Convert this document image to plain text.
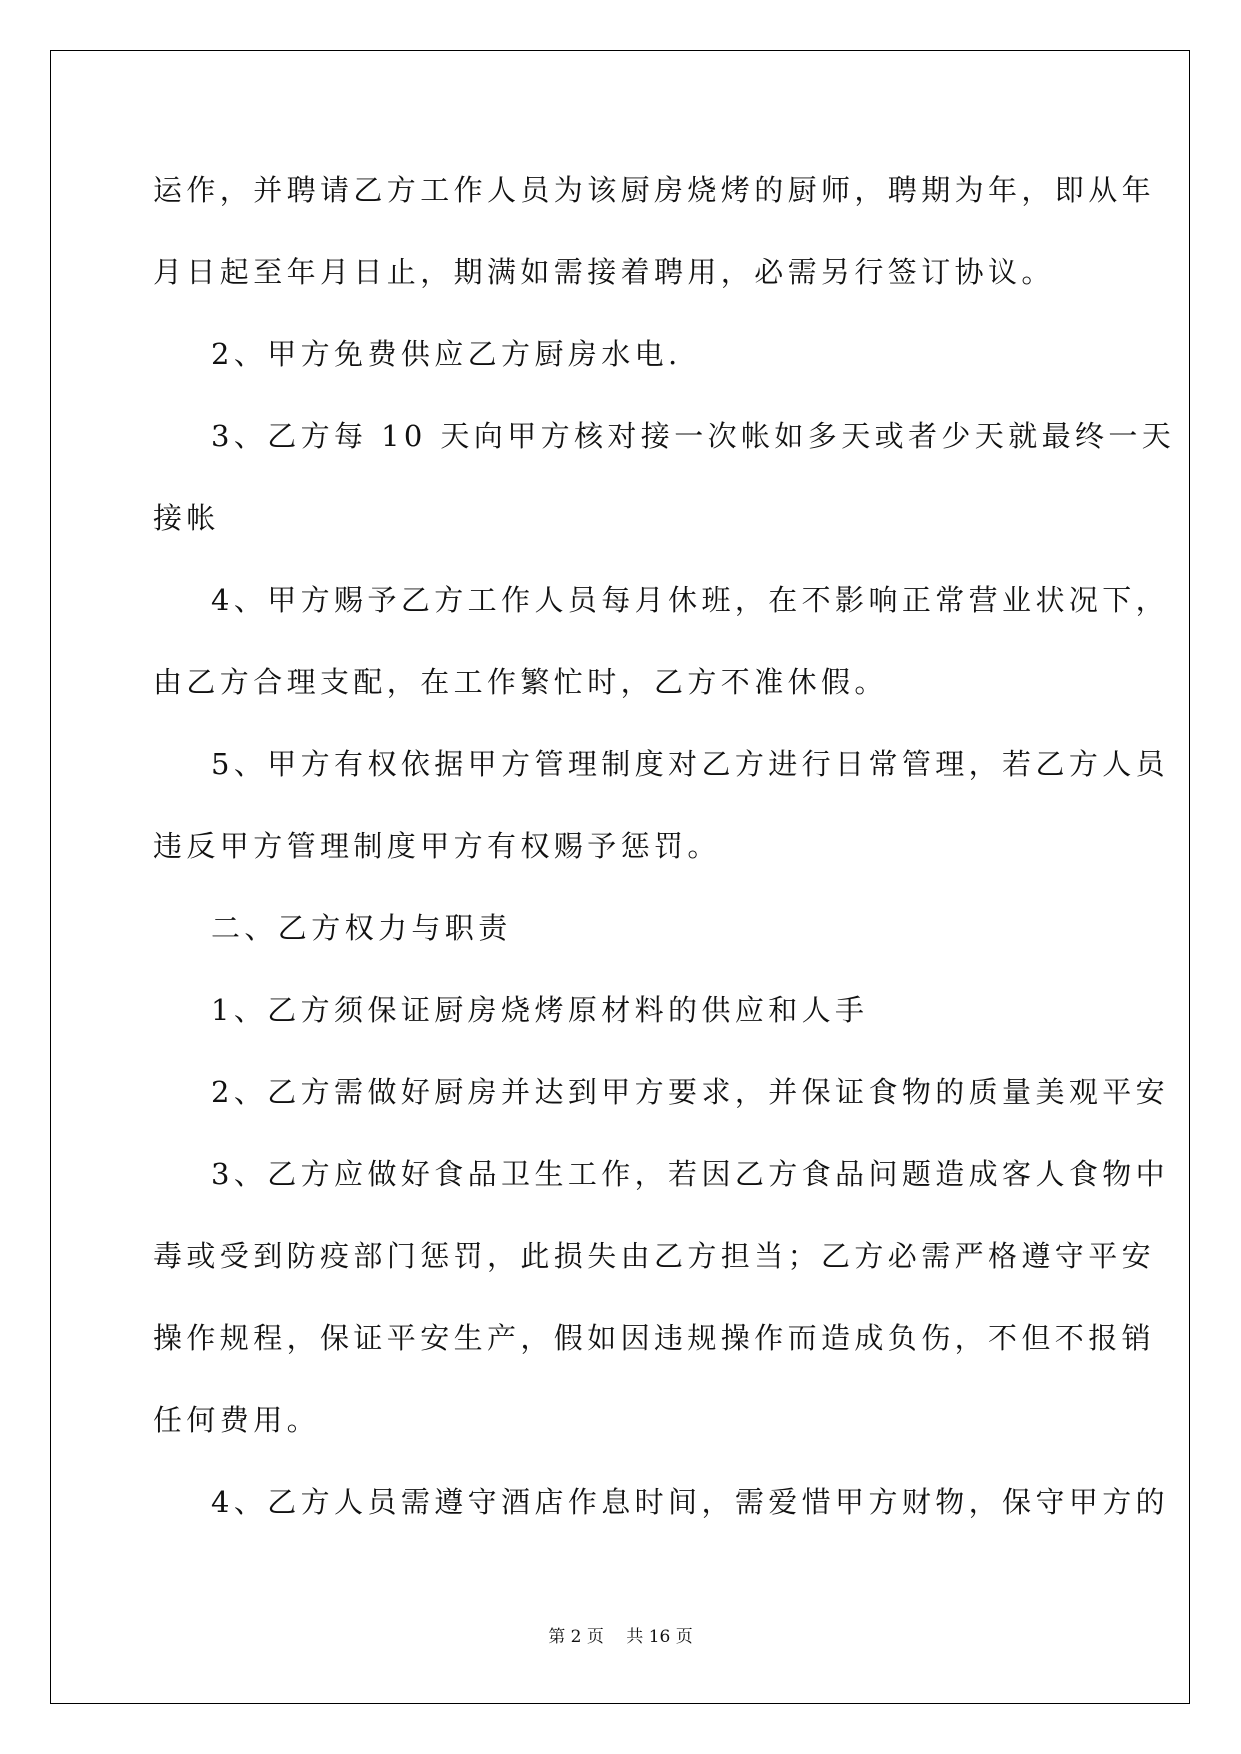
运作，并聘请乙方工作人员为该厨房烧烤的厨师，聘期为年，即从年
月日起至年月日止，期满如需接着聘用，必需另行签订协议。
2、甲方免费供应乙方厨房水电.
3、乙方每 10 天向甲方核对接一次帐如多天或者少天就最终一天
接帐
4、甲方赐予乙方工作人员每月休班，在不影响正常营业状况下，
由乙方合理支配，在工作繁忙时，乙方不准休假。
5、甲方有权依据甲方管理制度对乙方进行日常管理，若乙方人员
违反甲方管理制度甲方有权赐予惩罚。
二、乙方权力与职责
1、乙方须保证厨房烧烤原材料的供应和人手
2、乙方需做好厨房并达到甲方要求，并保证食物的质量美观平安
3、乙方应做好食品卫生工作，若因乙方食品问题造成客人食物中
毒或受到防疫部门惩罚，此损失由乙方担当；乙方必需严格遵守平安
操作规程，保证平安生产，假如因违规操作而造成负伤，不但不报销
任何费用。
4、乙方人员需遵守酒店作息时间，需爱惜甲方财物，保守甲方的
第 2 页　 共 16 页
